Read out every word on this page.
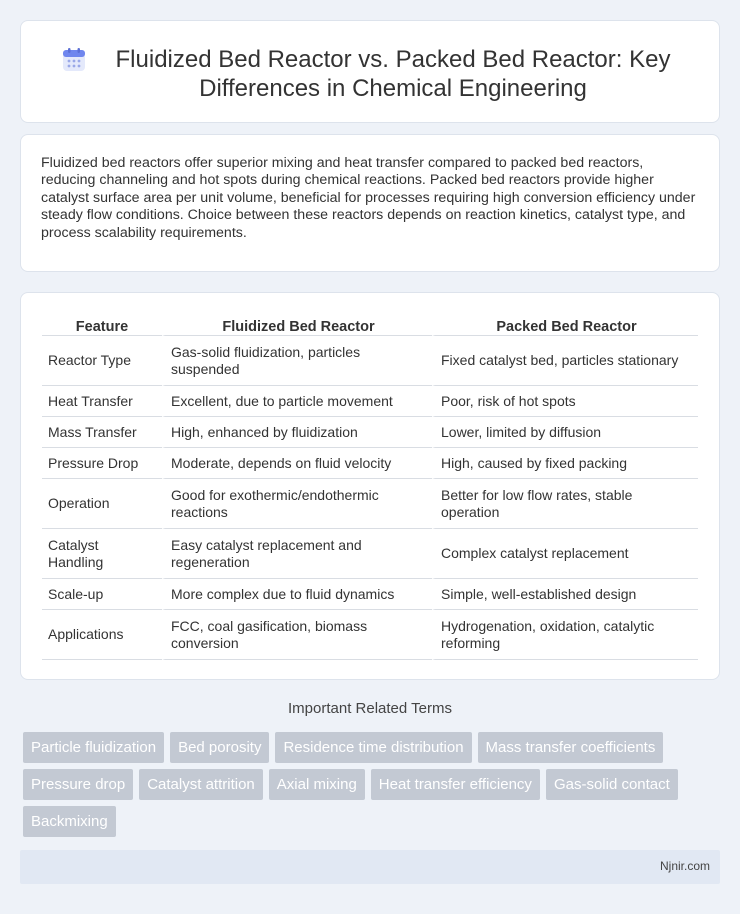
Fluidized Bed Reactor vs. Packed Bed Reactor: Key Differences in Chemical Engineering

Fluidized bed reactors offer superior mixing and heat transfer compared to packed bed reactors, reducing channeling and hot spots during chemical reactions. Packed bed reactors provide higher catalyst surface area per unit volume, beneficial for processes requiring high conversion efficiency under steady flow conditions. Choice between these reactors depends on reaction kinetics, catalyst type, and process scalability requirements.

Feature	Fluidized Bed Reactor	Packed Bed Reactor
Reactor Type	Gas-solid fluidization, particles suspended	Fixed catalyst bed, particles stationary
Heat Transfer	Excellent, due to particle movement	Poor, risk of hot spots
Mass Transfer	High, enhanced by fluidization	Lower, limited by diffusion
Pressure Drop	Moderate, depends on fluid velocity	High, caused by fixed packing
Operation	Good for exothermic/endothermic reactions	Better for low flow rates, stable operation
Catalyst Handling	Easy catalyst replacement and regeneration	Complex catalyst replacement
Scale-up	More complex due to fluid dynamics	Simple, well-established design
Applications	FCC, coal gasification, biomass conversion	Hydrogenation, oxidation, catalytic reforming
Important Related Terms
Particle fluidization	Bed porosity	Residence time distribution	Mass transfer coefficients
Pressure drop	Catalyst attrition	Axial mixing	Heat transfer efficiency	Gas-solid contact
Backmixing
Njnir.com
